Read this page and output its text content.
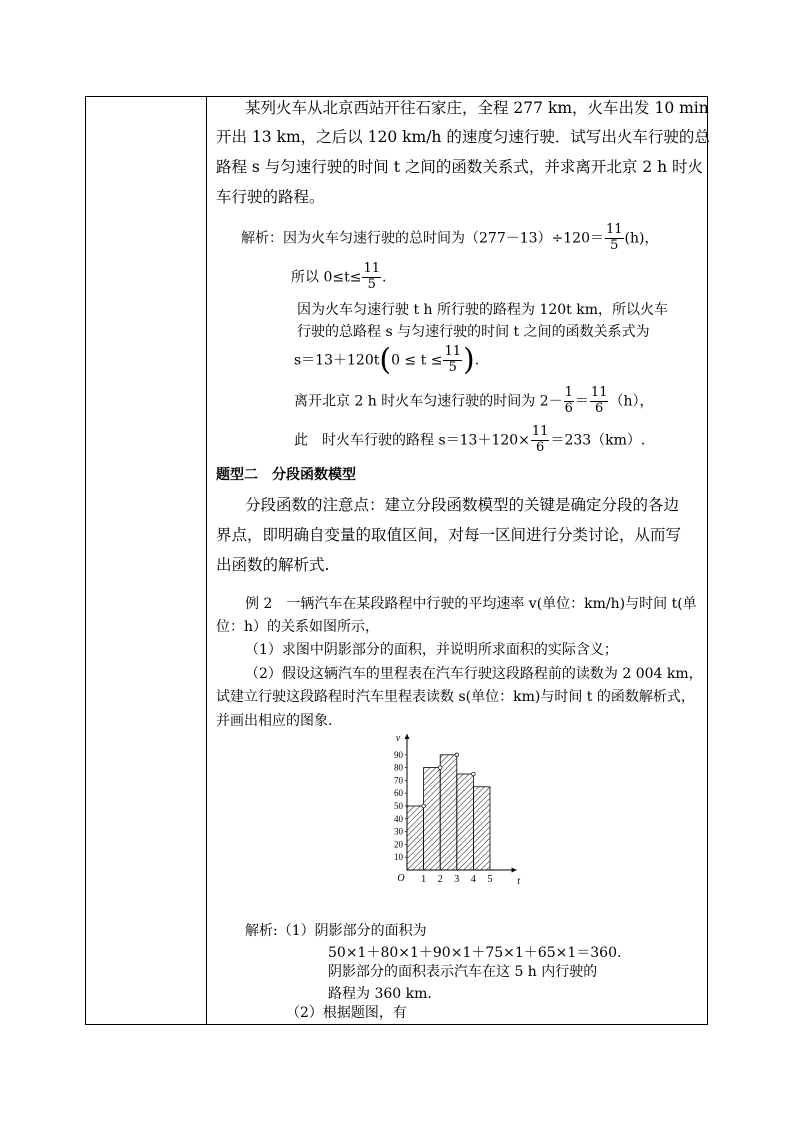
某列火车从北京西站开往石家庄，全程 277 km，火车出发 10 min
开出 13 km，之后以 120 km/h 的速度匀速行驶．试写出火车行驶的总
路程 s 与匀速行驶的时间 t 之间的函数关系式，并求离开北京 2 h 时火
车行驶的路程。
解析：因为火车匀速行驶的总时间为$(277-13)\div 120= \frac{11}{5} (h)$，
所以 $0\le t\le \frac{11}{5}$ .
因为火车匀速行驶 t h 所行驶的路程为 120t km，所以火车
行驶的总路程 s 与匀速行驶的时间 t 之间的函数关系式为
$s=13+120t(0 \le t \le \frac{11}{5}$ ).
离开北京 2 h 时火车匀速行驶的时间为 $2- \frac{1}{6} = \frac{11}{6} (h)$，
此　时火车行驶的路程 $s=13+120\times \frac{11}{6} =233(km)$.
题型二　分段函数模型
分段函数的注意点：建立分段函数模型的关键是确定分段的各边
界点，即明确自变量的取值区间，对每一区间进行分类讨论，从而写
出函数的解析式.
例 2　一辆汽车在某段路程中行驶的平均速率 v(单位：km/h)与时间 t(单
位：h）的关系如图所示，
（1）求图中阴影部分的面积，并说明所求面积的实际含义；
（2）假设这辆汽车的里程表在汽车行驶这段路程前的读数为 2 004 km，
试建立行驶这段路程时汽车里程表读数 s(单位：km)与时间 t 的函数解析式，
并画出相应的图象.
10
20
30
40
50
60
70
80
90
1 2 3 4 5
O	t
v
解析:（1）阴影部分的面积为
50×1＋80×1＋90×1＋75×1＋65×1＝360.
阴影部分的面积表示汽车在这 5 h 内行驶的
路程为 360 km.
（2）根据题图，有
